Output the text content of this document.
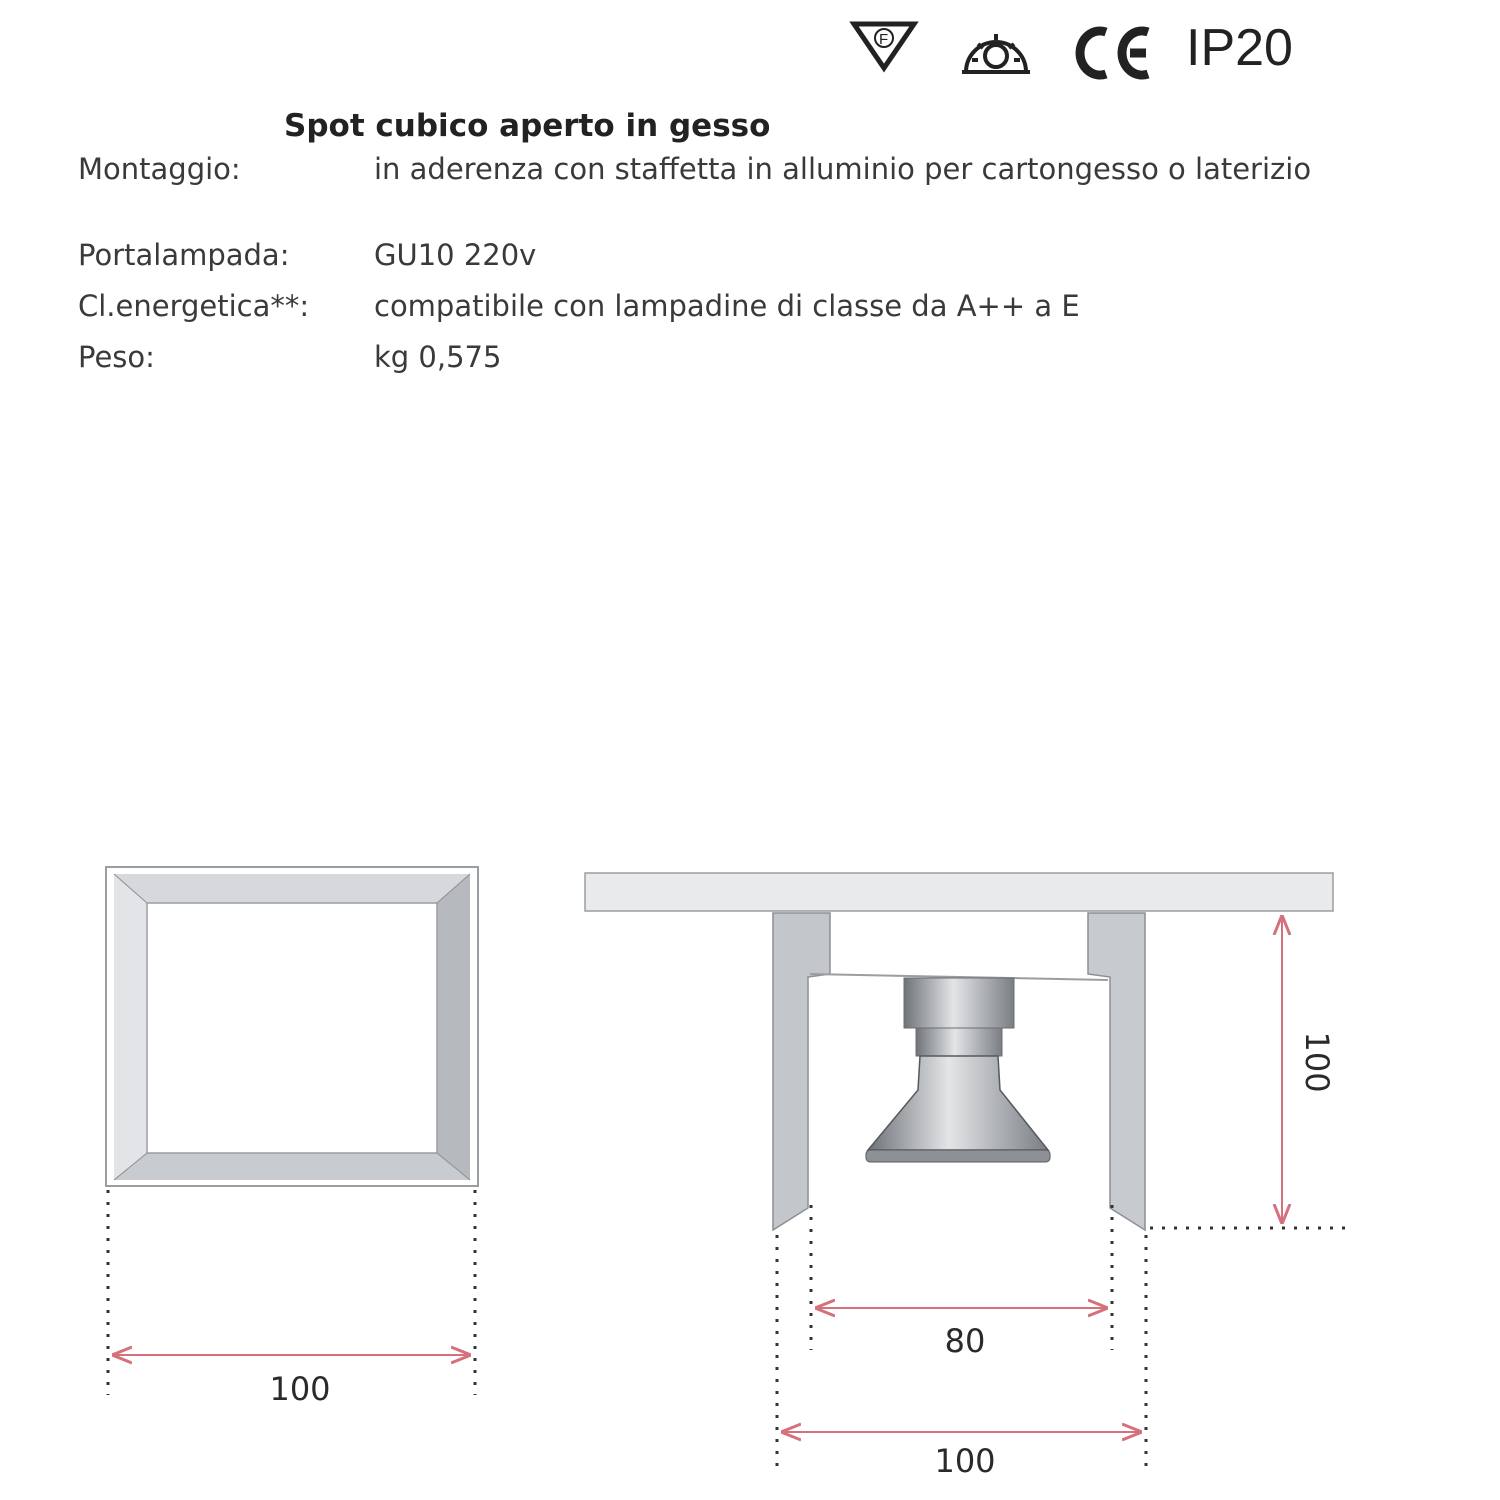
F	IP20
Spot cubico aperto in gesso
Montaggio:	in aderenza con staffetta in alluminio per cartongesso o laterizio
Portalampada:	GU10 220v
Cl.energetica**: compatibile con lampadine di classe da A++ a E
Peso:	kg 0,575
100
80
100
100
